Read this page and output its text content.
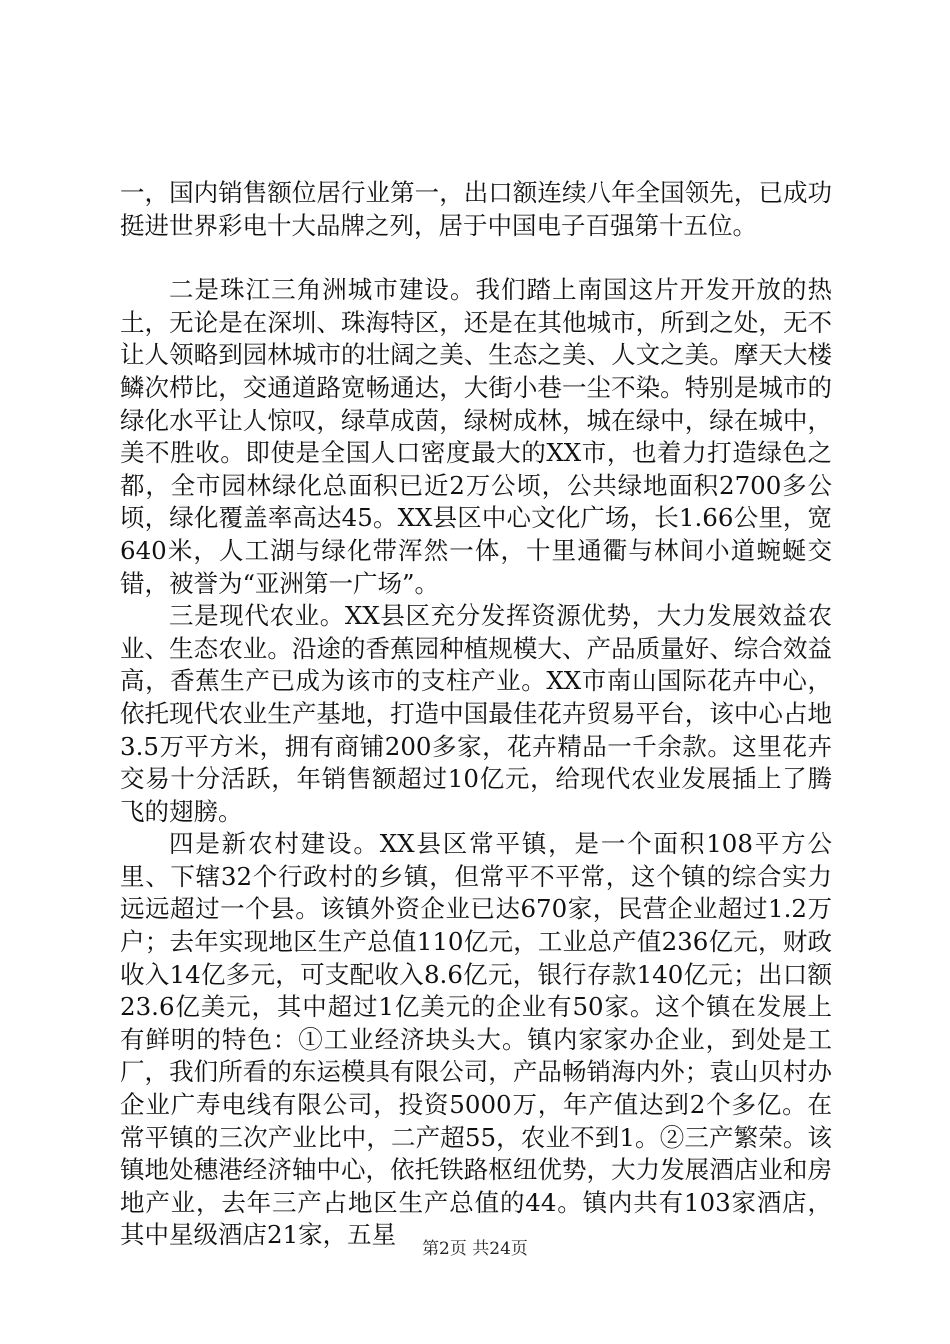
一，国内销售额位居行业第一，出口额连续八年全国领先，已成功挺进世界彩电十大品牌之列，居于中国电子百强第十五位。

二是珠江三角洲城市建设。我们踏上南国这片开发开放的热土，无论是在深圳、珠海特区，还是在其他城市，所到之处，无不让人领略到园林城市的壮阔之美、生态之美、人文之美。摩天大楼鳞次栉比，交通道路宽畅通达，大街小巷一尘不染。特别是城市的绿化水平让人惊叹，绿草成茵，绿树成林，城在绿中，绿在城中，美不胜收。即使是全国人口密度最大的XX市，也着力打造绿色之都，全市园林绿化总面积已近2万公顷，公共绿地面积2700多公顷，绿化覆盖率高达45。XX县区中心文化广场，长1.66公里，宽640米，人工湖与绿化带浑然一体，十里通衢与林间小道蜿蜒交错，被誉为“亚洲第一广场”。

三是现代农业。XX县区充分发挥资源优势，大力发展效益农业、生态农业。沿途的香蕉园种植规模大、产品质量好、综合效益高，香蕉生产已成为该市的支柱产业。XX市南山国际花卉中心，依托现代农业生产基地，打造中国最佳花卉贸易平台，该中心占地3.5万平方米，拥有商铺200多家，花卉精品一千余款。这里花卉交易十分活跃，年销售额超过10亿元，给现代农业发展插上了腾飞的翅膀。

四是新农村建设。XX县区常平镇，是一个面积108平方公里、下辖32个行政村的乡镇，但常平不平常，这个镇的综合实力远远超过一个县。该镇外资企业已达670家，民营企业超过1.2万户；去年实现地区生产总值110亿元，工业总产值236亿元，财政收入14亿多元，可支配收入8.6亿元，银行存款140亿元；出口额23.6亿美元，其中超过1亿美元的企业有50家。这个镇在发展上有鲜明的特色：①工业经济块头大。镇内家家办企业，到处是工厂，我们所看的东运模具有限公司，产品畅销海内外；袁山贝村办企业广寿电线有限公司，投资5000万，年产值达到2个多亿。在常平镇的三次产业比中，二产超55，农业不到1。②三产繁荣。该镇地处穗港经济轴中心，依托铁路枢纽优势，大力发展酒店业和房地产业，去年三产占地区生产总值的44。镇内共有103家酒店，其中星级酒店21家，五星	第2页 共24页
